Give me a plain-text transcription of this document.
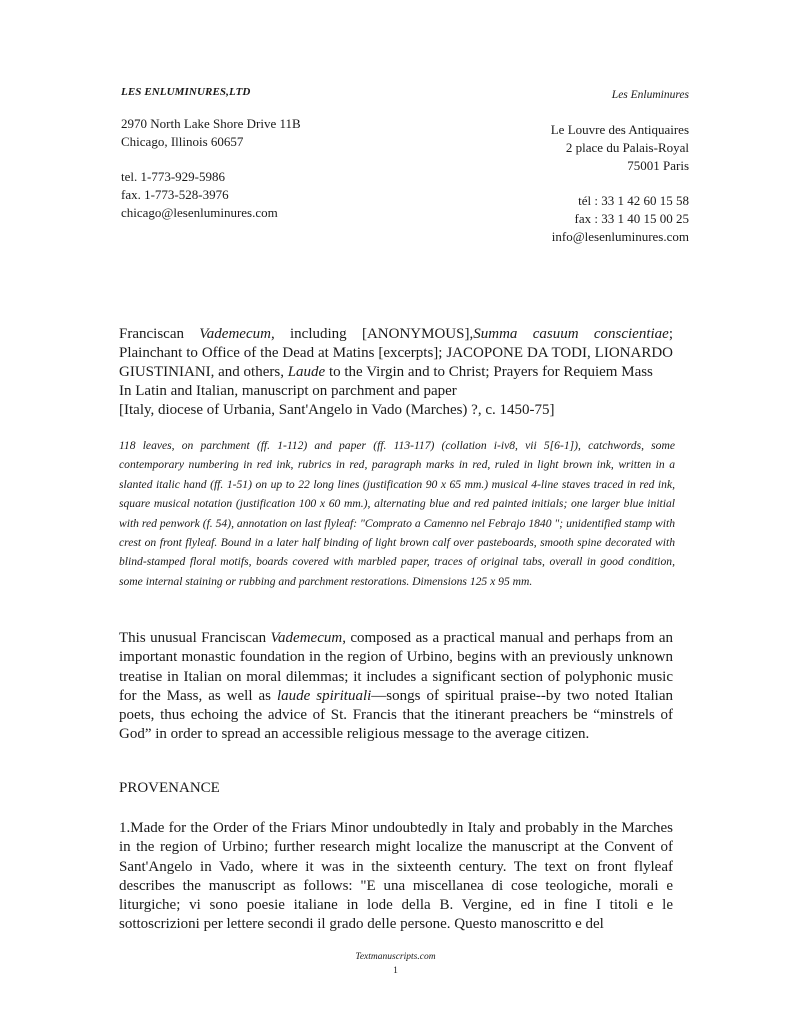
LES ENLUMINURES,LTD	Les Enluminures
2970 North Lake Shore Drive 11B
Chicago, Illinois 60657
tel. 1-773-929-5986
fax. 1-773-528-3976
chicago@lesenluminures.com
Le Louvre des Antiquaires
2 place du Palais-Royal
75001 Paris
tél : 33 1 42 60 15 58
fax : 33 1 40 15 00 25
info@lesenluminures.com
Franciscan Vademecum, including [ANONYMOUS],Summa casuum conscientiae; Plainchant to Office of the Dead at Matins [excerpts]; JACOPONE DA TODI, LIONARDO GIUSTINIANI, and others, Laude to the Virgin and to Christ; Prayers for Requiem Mass
In Latin and Italian, manuscript on parchment and paper
[Italy, diocese of Urbania, Sant'Angelo in Vado (Marches) ?, c. 1450-75]
118 leaves, on parchment (ff. 1-112) and paper (ff. 113-117) (collation i-iv8, vii 5[6-1]), catchwords, some contemporary numbering in red ink, rubrics in red, paragraph marks in red, ruled in light brown ink, written in a slanted italic hand (ff. 1-51) on up to 22 long lines (justification 90 x 65 mm.) musical 4-line staves traced in red ink, square musical notation (justification 100 x 60 mm.), alternating blue and red painted initials; one larger blue initial with red penwork (f. 54), annotation on last flyleaf: "Comprato a Camenno nel Febrajo 1840 "; unidentified stamp with crest on front flyleaf. Bound in a later half binding of light brown calf over pasteboards, smooth spine decorated with blind-stamped floral motifs, boards covered with marbled paper, traces of original tabs, overall in good condition, some internal staining or rubbing and parchment restorations. Dimensions 125 x 95 mm.
This unusual Franciscan Vademecum, composed as a practical manual and perhaps from an important monastic foundation in the region of Urbino, begins with an previously unknown treatise in Italian on moral dilemmas; it includes a significant section of polyphonic music for the Mass, as well as laude spirituali—songs of spiritual praise--by two noted Italian poets, thus echoing the advice of St. Francis that the itinerant preachers be “minstrels of God” in order to spread an accessible religious message to the average citizen.
PROVENANCE
1.Made for the Order of the Friars Minor undoubtedly in Italy and probably in the Marches in the region of Urbino; further research might localize the manuscript at the Convent of Sant'Angelo in Vado, where it was in the sixteenth century. The text on front flyleaf describes the manuscript as follows: "E una miscellanea di cose teologiche, morali e liturgiche; vi sono poesie italiane in lode della B. Vergine, ed in fine I titoli e le sottoscrizioni per lettere secondi il grado delle persone. Questo manoscritto e del
Textmanuscripts.com
1
